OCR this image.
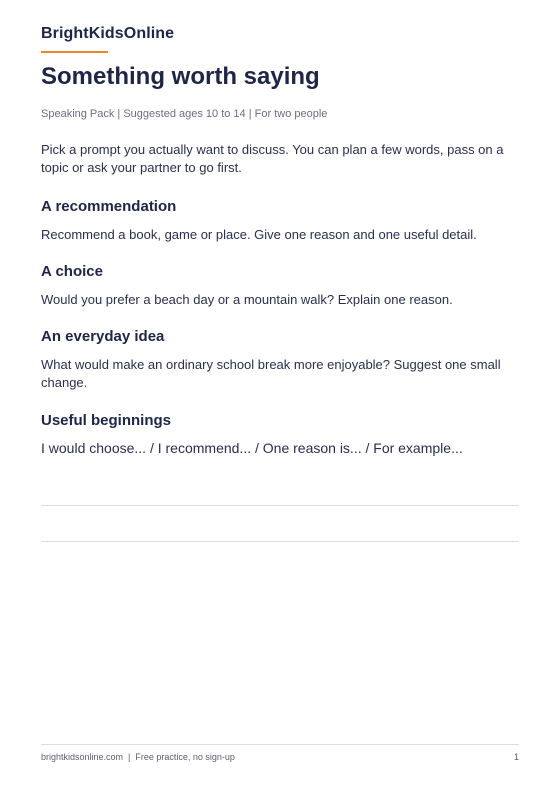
BrightKidsOnline
Something worth saying
Speaking Pack | Suggested ages 10 to 14 | For two people

Pick a prompt you actually want to discuss. You can plan a few words, pass on a topic or ask your partner to go first.

A recommendation

Recommend a book, game or place. Give one reason and one useful detail.

A choice

Would you prefer a beach day or a mountain walk? Explain one reason.

An everyday idea

What would make an ordinary school break more enjoyable? Suggest one small change.

Useful beginnings

I would choose... / I recommend... / One reason is... / For example...

brightkidsonline.com  |  Free practice, no sign-up	1
